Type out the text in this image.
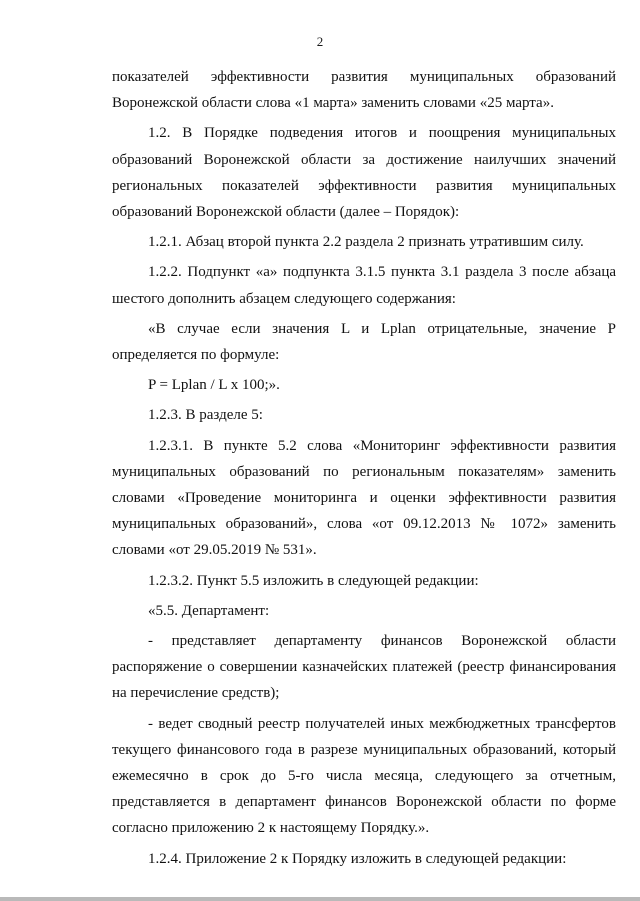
2

показателей эффективности развития муниципальных образований Воронежской области слова «1 марта» заменить словами «25 марта».

1.2. В Порядке подведения итогов и поощрения муниципальных образований Воронежской области за достижение наилучших значений региональных показателей эффективности развития муниципальных образований Воронежской области (далее – Порядок):

1.2.1. Абзац второй пункта 2.2 раздела 2 признать утратившим силу.

1.2.2. Подпункт «а» подпункта 3.1.5 пункта 3.1 раздела 3 после абзаца шестого дополнить абзацем следующего содержания:

«В случае если значения L и Lplan отрицательные, значение P определяется по формуле:

P = Lplan / L x 100;».

1.2.3. В разделе 5:

1.2.3.1. В пункте 5.2 слова «Мониторинг эффективности развития муниципальных образований по региональным показателям» заменить словами «Проведение мониторинга и оценки эффективности развития муниципальных образований», слова «от 09.12.2013 № 1072» заменить словами «от 29.05.2019 № 531».

1.2.3.2. Пункт 5.5 изложить в следующей редакции:

«5.5. Департамент:

- представляет департаменту финансов Воронежской области распоряжение о совершении казначейских платежей (реестр финансирования на перечисление средств);

- ведет сводный реестр получателей иных межбюджетных трансфертов текущего финансового года в разрезе муниципальных образований, который ежемесячно в срок до 5-го числа месяца, следующего за отчетным, представляется в департамент финансов Воронежской области по форме согласно приложению 2 к настоящему Порядку.».

1.2.4. Приложение 2 к Порядку изложить в следующей редакции:
